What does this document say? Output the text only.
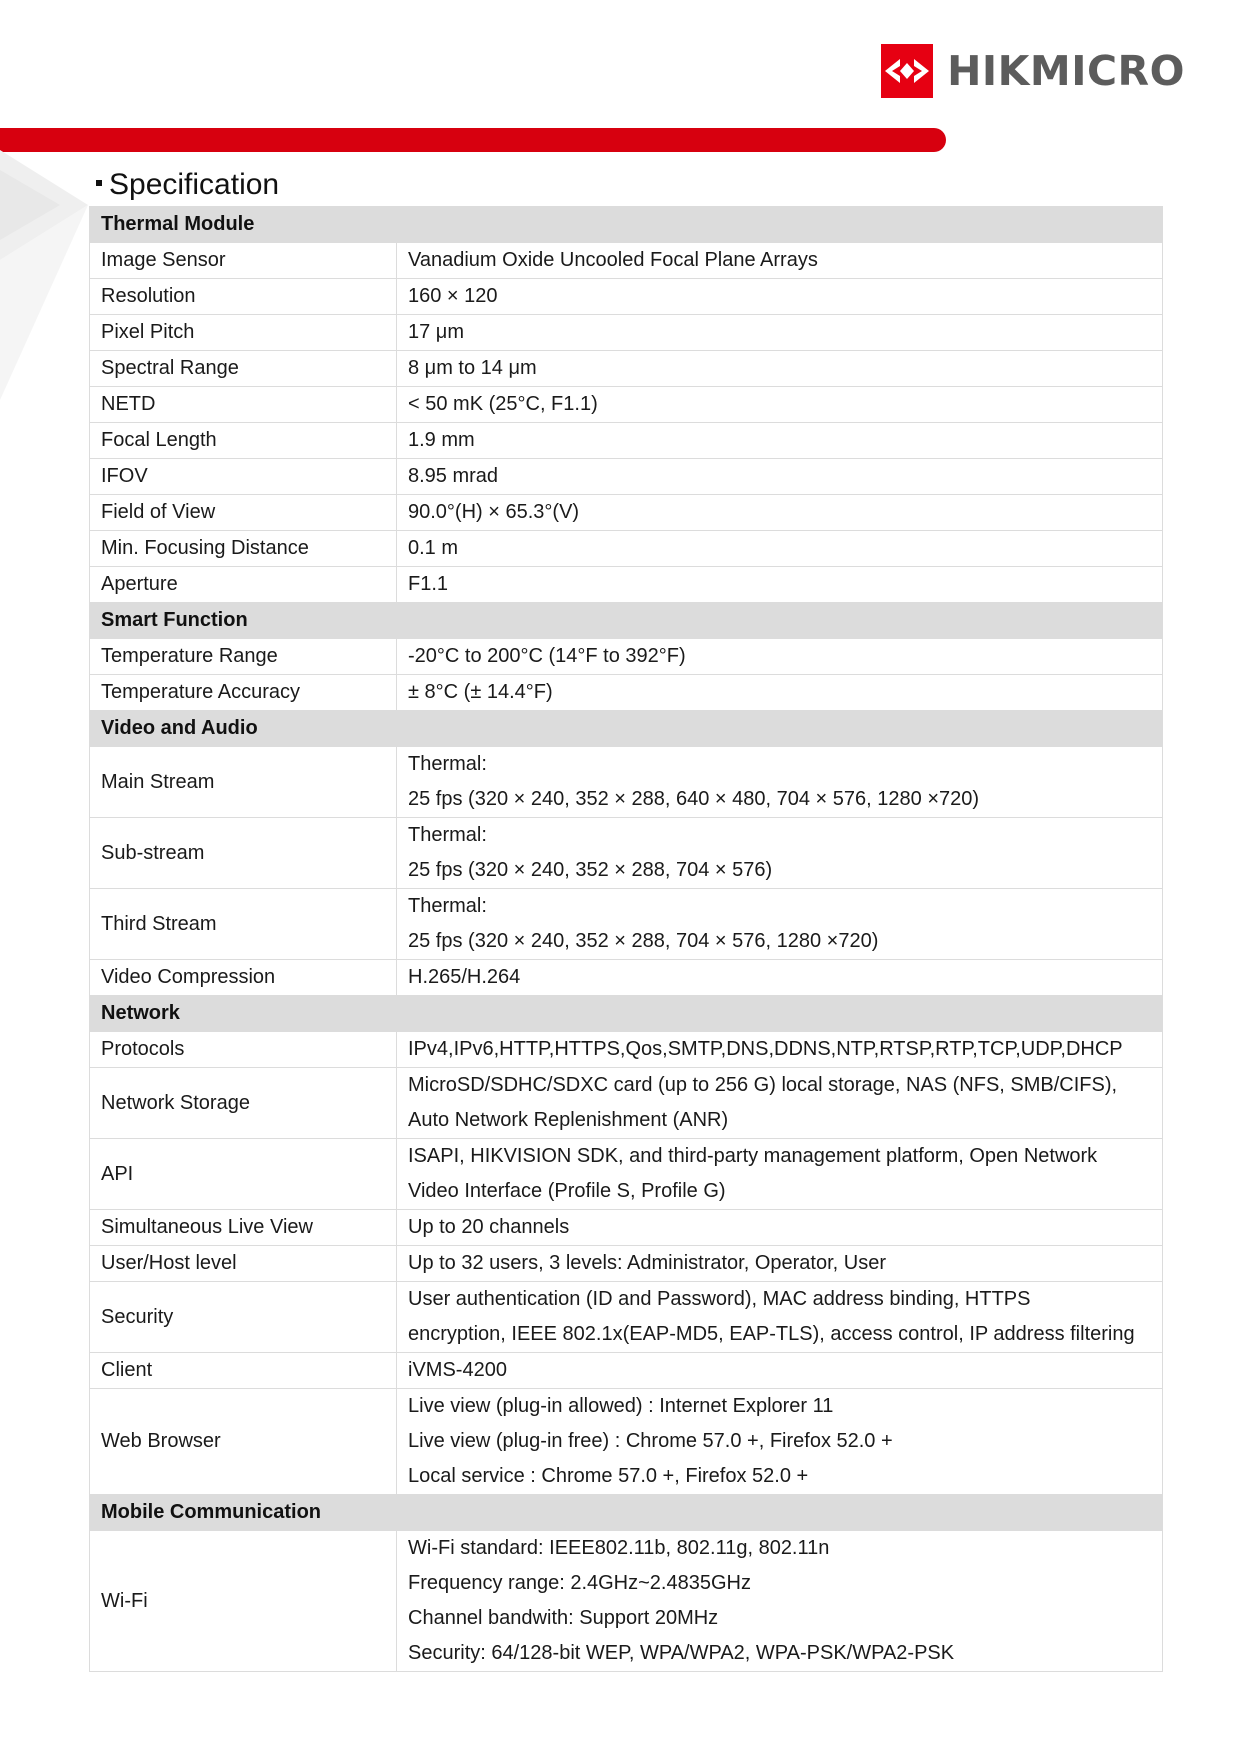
HIKMICRO
Specification
Thermal Module	
Image Sensor	Vanadium Oxide Uncooled Focal Plane Arrays

Resolution	160 × 120

Pixel Pitch	17 μm

Spectral Range	8 μm to 14 μm

NETD	< 50 mK (25°C, F1.1)

Focal Length	1.9 mm

IFOV	8.95 mrad

Field of View	90.0°(H) × 65.3°(V)

Min. Focusing Distance	0.1 m

Aperture	F1.1

Smart Function	
Temperature Range	-20°C to 200°C (14°F to 392°F)

Temperature Accuracy	± 8°C (± 14.4°F)

Video and Audio	
Main Stream	Thermal:
25 fps (320 × 240, 352 × 288, 640 × 480, 704 × 576, 1280 ×720)

Sub-stream	Thermal:
25 fps (320 × 240, 352 × 288, 704 × 576)

Third Stream	Thermal:
25 fps (320 × 240, 352 × 288, 704 × 576, 1280 ×720)

Video Compression	H.265/H.264

Network	
Protocols	IPv4,IPv6,HTTP,HTTPS,Qos,SMTP,DNS,DDNS,NTP,RTSP,RTP,TCP,UDP,DHCP

Network Storage	MicroSD/SDHC/SDXC card (up to 256 G) local storage, NAS (NFS, SMB/CIFS),
Auto Network Replenishment (ANR)

API	ISAPI, HIKVISION SDK, and third-party management platform, Open Network
Video Interface (Profile S, Profile G)

Simultaneous Live View	Up to 20 channels

User/Host level	Up to 32 users, 3 levels: Administrator, Operator, User

Security	User authentication (ID and Password), MAC address binding, HTTPS
encryption, IEEE 802.1x(EAP-MD5, EAP-TLS), access control, IP address filtering

Client	iVMS-4200

Web Browser	Live view (plug-in allowed) : Internet Explorer 11
Live view (plug-in free) : Chrome 57.0 +, Firefox 52.0 +
Local service : Chrome 57.0 +, Firefox 52.0 +

Mobile Communication	
Wi-Fi	Wi-Fi standard: IEEE802.11b, 802.11g, 802.11n
Frequency range: 2.4GHz~2.4835GHz
Channel bandwith: Support 20MHz
Security: 64/128-bit WEP, WPA/WPA2, WPA-PSK/WPA2-PSK
